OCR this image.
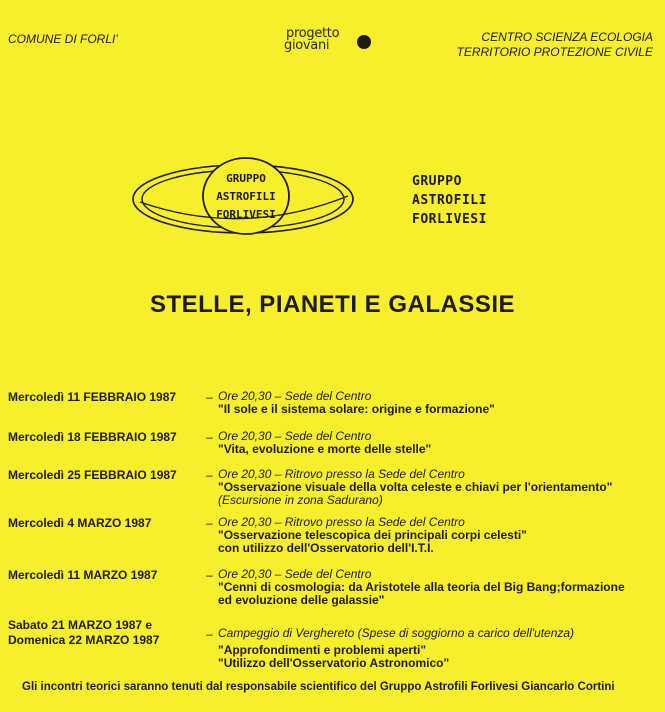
COMUNE DI FORLI'	progetto
giovani
CENTRO SCIENZA ECOLOGIA
TERRITORIO PROTEZIONE CIVILE
GRUPPO
ASTROFILI
FORLIVESI
GRUPPO
ASTROFILI
FORLIVESI
STELLE, PIANETI E GALASSIE
Mercoledì 11 FEBBRAIO 1987 – Ore 20,30 – Sede del Centro
"Il sole e il sistema solare: origine e formazione"
Mercoledì 18 FEBBRAIO 1987 – Ore 20,30 – Sede del Centro
"Vita, evoluzione e morte delle stelle"
Mercoledì 25 FEBBRAIO 1987 – Ore 20,30 – Ritrovo presso la Sede del Centro
"Osservazione visuale della volta celeste e chiavi per l'orientamento"
(Escursione in zona Sadurano)
Mercoledì 4 MARZO 1987	– Ore 20,30 – Ritrovo presso la Sede del Centro
"Osservazione telescopica dei principali corpi celesti"
con utilizzo dell'Osservatorio dell'I.T.I.
Mercoledì 11 MARZO 1987	– Ore 20,30 – Sede del Centro
"Cenni di cosmologia: da Aristotele alla teoria del Big Bang;formazione
ed evoluzione delle galassie"
Sabato 21 MARZO 1987 e
Domenica 22 MARZO 1987	– Campeggio di Verghereto (Spese di soggiorno a carico dell'utenza)
"Approfondimenti e problemi aperti"
"Utilizzo dell'Osservatorio Astronomico"
Gli incontri teorici saranno tenuti dal responsabile scientifico del Gruppo Astrofili Forlivesi Giancarlo Cortini
